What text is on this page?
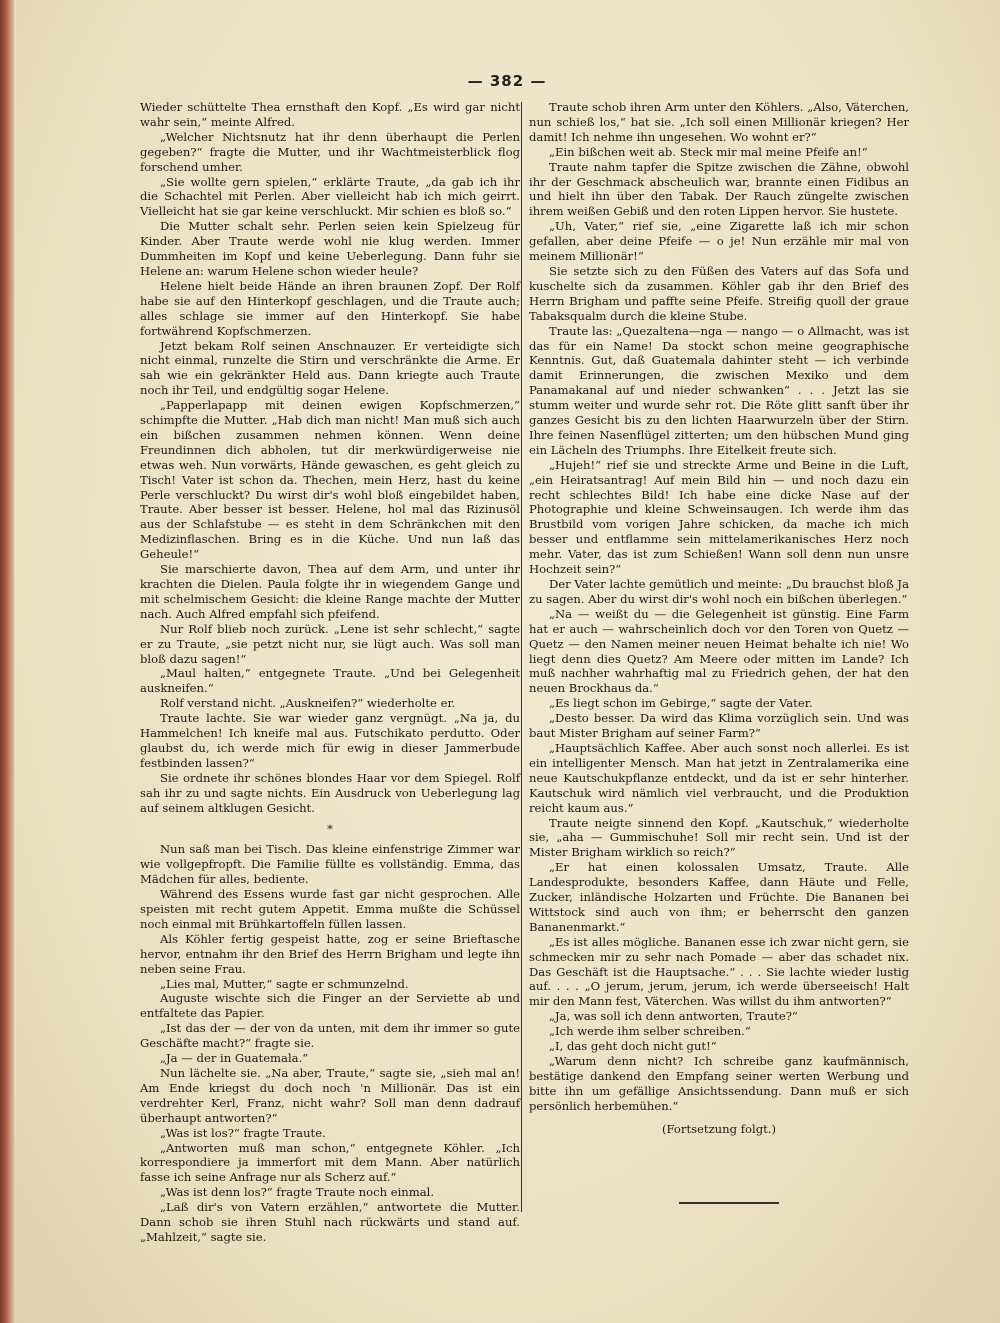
— 382 —

Wieder schüttelte Thea ernsthaft den Kopf. „Es wird gar nicht wahr sein,“ meinte Alfred.

„Welcher Nichtsnutz hat ihr denn überhaupt die Perlen gegeben?“ fragte die Mutter, und ihr Wachtmeisterblick flog forschend umher.

„Sie wollte gern spielen,“ erklärte Traute, „da gab ich ihr die Schachtel mit Perlen. Aber vielleicht hab ich mich geirrt. Vielleicht hat sie gar keine verschluckt. Mir schien es bloß so.“

Die Mutter schalt sehr. Perlen seien kein Spielzeug für Kinder. Aber Traute werde wohl nie klug werden. Immer Dummheiten im Kopf und keine Ueberlegung. Dann fuhr sie Helene an: warum Helene schon wieder heule?

Helene hielt beide Hände an ihren braunen Zopf. Der Rolf habe sie auf den Hinterkopf geschlagen, und die Traute auch; alles schlage sie immer auf den Hinterkopf. Sie habe fortwährend Kopfschmerzen.

Jetzt bekam Rolf seinen Anschnauzer. Er verteidigte sich nicht einmal, runzelte die Stirn und verschränkte die Arme. Er sah wie ein gekränkter Held aus. Dann kriegte auch Traute noch ihr Teil, und endgültig sogar Helene.

„Papperlapapp mit deinen ewigen Kopfschmerzen,“ schimpfte die Mutter. „Hab dich man nicht! Man muß sich auch ein bißchen zusammen nehmen können. Wenn deine Freundinnen dich abholen, tut dir merkwürdigerweise nie etwas weh. Nun vorwärts, Hände gewaschen, es geht gleich zu Tisch! Vater ist schon da. Thechen, mein Herz, hast du keine Perle verschluckt? Du wirst dir's wohl bloß eingebildet haben, Traute. Aber besser ist besser. Helene, hol mal das Rizinusöl aus der Schlafstube — es steht in dem Schränkchen mit den Medizinflaschen. Bring es in die Küche. Und nun laß das Geheule!“

Sie marschierte davon, Thea auf dem Arm, und unter ihr krachten die Dielen. Paula folgte ihr in wiegendem Gange und mit schelmischem Gesicht: die kleine Range machte der Mutter nach. Auch Alfred empfahl sich pfeifend.

Nur Rolf blieb noch zurück. „Lene ist sehr schlecht,“ sagte er zu Traute, „sie petzt nicht nur, sie lügt auch. Was soll man bloß dazu sagen!“

„Maul halten,“ entgegnete Traute. „Und bei Gelegenheit auskneifen.“

Rolf verstand nicht. „Auskneifen?“ wiederholte er.

Traute lachte. Sie war wieder ganz vergnügt. „Na ja, du Hammelchen! Ich kneife mal aus. Futschikato perdutto. Oder glaubst du, ich werde mich für ewig in dieser Jammerbude festbinden lassen?“

Sie ordnete ihr schönes blondes Haar vor dem Spiegel. Rolf sah ihr zu und sagte nichts. Ein Ausdruck von Ueberlegung lag auf seinem altklugen Gesicht.

*

Nun saß man bei Tisch. Das kleine einfenstrige Zimmer war wie vollgepfropft. Die Familie füllte es vollständig. Emma, das Mädchen für alles, bediente.

Während des Essens wurde fast gar nicht gesprochen. Alle speisten mit recht gutem Appetit. Emma mußte die Schüssel noch einmal mit Brühkartoffeln füllen lassen.

Als Köhler fertig gespeist hatte, zog er seine Brieftasche hervor, entnahm ihr den Brief des Herrn Brigham und legte ihn neben seine Frau.

„Lies mal, Mutter,“ sagte er schmunzelnd.

Auguste wischte sich die Finger an der Serviette ab und entfaltete das Papier.

„Ist das der — der von da unten, mit dem ihr immer so gute Geschäfte macht?“ fragte sie.

„Ja — der in Guatemala.“

Nun lächelte sie. „Na aber, Traute,“ sagte sie, „sieh mal an! Am Ende kriegst du doch noch 'n Millionär. Das ist ein verdrehter Kerl, Franz, nicht wahr? Soll man denn dadrauf überhaupt antworten?“

„Was ist los?“ fragte Traute.

„Antworten muß man schon,“ entgegnete Köhler. „Ich korrespondiere ja immerfort mit dem Mann. Aber natürlich fasse ich seine Anfrage nur als Scherz auf.“

„Was ist denn los?“ fragte Traute noch einmal.

„Laß dir's von Vatern erzählen,“ antwortete die Mutter. Dann schob sie ihren Stuhl nach rückwärts und stand auf. „Mahlzeit,“ sagte sie.

Traute schob ihren Arm unter den Köhlers. „Also, Väterchen, nun schieß los,“ bat sie. „Ich soll einen Millionär kriegen? Her damit! Ich nehme ihn ungesehen. Wo wohnt er?“

„Ein bißchen weit ab. Steck mir mal meine Pfeife an!“

Traute nahm tapfer die Spitze zwischen die Zähne, obwohl ihr der Geschmack abscheulich war, brannte einen Fidibus an und hielt ihn über den Tabak. Der Rauch züngelte zwischen ihrem weißen Gebiß und den roten Lippen hervor. Sie hustete.

„Uh, Vater,“ rief sie, „eine Zigarette laß ich mir schon gefallen, aber deine Pfeife — o je! Nun erzähle mir mal von meinem Millionär!“

Sie setzte sich zu den Füßen des Vaters auf das Sofa und kuschelte sich da zusammen. Köhler gab ihr den Brief des Herrn Brigham und paffte seine Pfeife. Streifig quoll der graue Tabaksqualm durch die kleine Stube.

Traute las: „Quezaltena—nga — nango — o Allmacht, was ist das für ein Name! Da stockt schon meine geographische Kenntnis. Gut, daß Guatemala dahinter steht — ich verbinde damit Erinnerungen, die zwischen Mexiko und dem Panamakanal auf und nieder schwanken“ . . . Jetzt las sie stumm weiter und wurde sehr rot. Die Röte glitt sanft über ihr ganzes Gesicht bis zu den lichten Haarwurzeln über der Stirn. Ihre feinen Nasenflügel zitterten; um den hübschen Mund ging ein Lächeln des Triumphs. Ihre Eitelkeit freute sich.

„Hujeh!“ rief sie und streckte Arme und Beine in die Luft, „ein Heiratsantrag! Auf mein Bild hin — und noch dazu ein recht schlechtes Bild! Ich habe eine dicke Nase auf der Photographie und kleine Schweinsaugen. Ich werde ihm das Brustbild vom vorigen Jahre schicken, da mache ich mich besser und entflamme sein mittelamerikanisches Herz noch mehr. Vater, das ist zum Schießen! Wann soll denn nun unsre Hochzeit sein?“

Der Vater lachte gemütlich und meinte: „Du brauchst bloß Ja zu sagen. Aber du wirst dir's wohl noch ein bißchen überlegen.“

„Na — weißt du — die Gelegenheit ist günstig. Eine Farm hat er auch — wahrscheinlich doch vor den Toren von Quetz — Quetz — den Namen meiner neuen Heimat behalte ich nie! Wo liegt denn dies Quetz? Am Meere oder mitten im Lande? Ich muß nachher wahrhaftig mal zu Friedrich gehen, der hat den neuen Brockhaus da.“

„Es liegt schon im Gebirge,“ sagte der Vater.

„Desto besser. Da wird das Klima vorzüglich sein. Und was baut Mister Brigham auf seiner Farm?“

„Hauptsächlich Kaffee. Aber auch sonst noch allerlei. Es ist ein intelligenter Mensch. Man hat jetzt in Zentralamerika eine neue Kautschukpflanze entdeckt, und da ist er sehr hinterher. Kautschuk wird nämlich viel verbraucht, und die Produktion reicht kaum aus.“

Traute neigte sinnend den Kopf. „Kautschuk,“ wiederholte sie, „aha — Gummischuhe! Soll mir recht sein. Und ist der Mister Brigham wirklich so reich?“

„Er hat einen kolossalen Umsatz, Traute. Alle Landesprodukte, besonders Kaffee, dann Häute und Felle, Zucker, inländische Holzarten und Früchte. Die Bananen bei Wittstock sind auch von ihm; er beherrscht den ganzen Bananenmarkt.“

„Es ist alles mögliche. Bananen esse ich zwar nicht gern, sie schmecken mir zu sehr nach Pomade — aber das schadet nix. Das Geschäft ist die Hauptsache.“ . . . Sie lachte wieder lustig auf. . . . „O jerum, jerum, jerum, ich werde überseeisch! Halt mir den Mann fest, Väterchen. Was willst du ihm antworten?“

„Ja, was soll ich denn antworten, Traute?“

„Ich werde ihm selber schreiben.“

„I, das geht doch nicht gut!“

„Warum denn nicht? Ich schreibe ganz kaufmännisch, bestätige dankend den Empfang seiner werten Werbung und bitte ihn um gefällige Ansichtssendung. Dann muß er sich persönlich herbemühen.“

(Fortsetzung folgt.)
